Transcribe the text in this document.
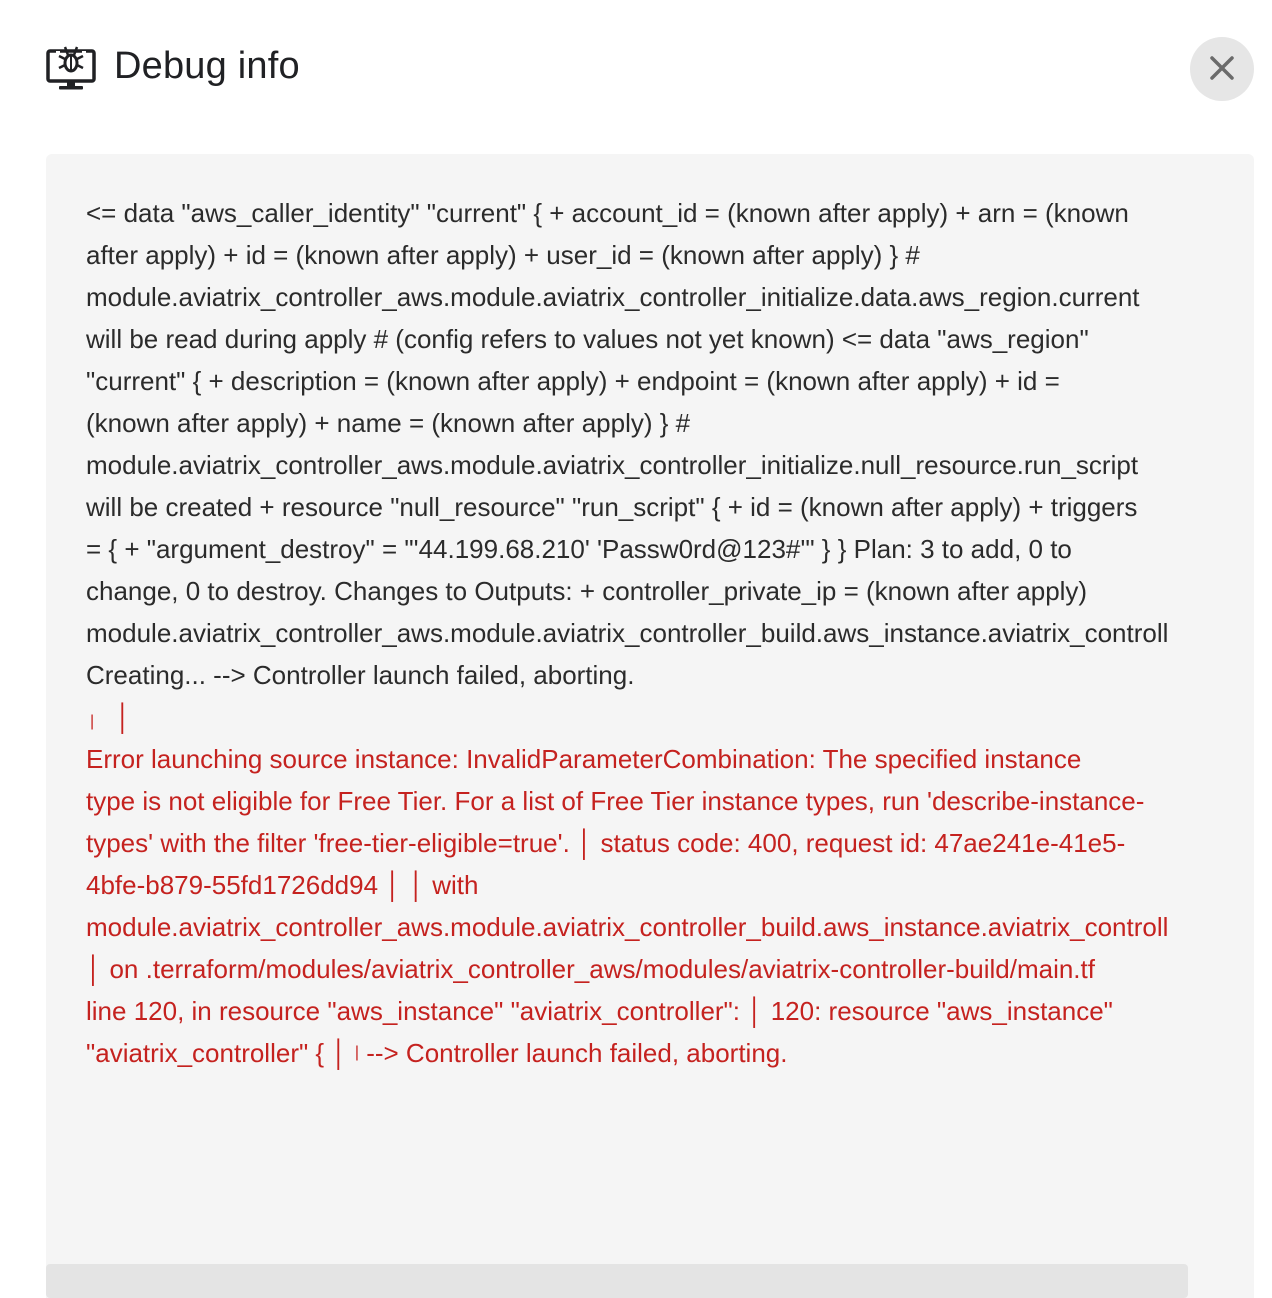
Debug info
<= data "aws_caller_identity" "current" { + account_id = (known after apply) + arn = (known
after apply) + id = (known after apply) + user_id = (known after apply) } #
module.aviatrix_controller_aws.module.aviatrix_controller_initialize.data.aws_region.current
will be read during apply # (config refers to values not yet known) <= data "aws_region"
"current" { + description = (known after apply) + endpoint = (known after apply) + id =
(known after apply) + name = (known after apply) } #
module.aviatrix_controller_aws.module.aviatrix_controller_initialize.null_resource.run_script
will be created + resource "null_resource" "run_script" { + id = (known after apply) + triggers
= { + "argument_destroy" = "'44.199.68.210' 'Passw0rd@123#'" } } Plan: 3 to add, 0 to
change, 0 to destroy. Changes to Outputs: + controller_private_ip = (known after apply)
module.aviatrix_controller_aws.module.aviatrix_controller_build.aws_instance.aviatrix_controll
Creating... --> Controller launch failed, aborting.
| │
Error launching source instance: InvalidParameterCombination: The specified instance
type is not eligible for Free Tier. For a list of Free Tier instance types, run 'describe-instance-
types' with the filter 'free-tier-eligible=true'. │ status code: 400, request id: 47ae241e-41e5-
4bfe-b879-55fd1726dd94 │ │ with
module.aviatrix_controller_aws.module.aviatrix_controller_build.aws_instance.aviatrix_controll
│ on .terraform/modules/aviatrix_controller_aws/modules/aviatrix-controller-build/main.tf
line 120, in resource "aws_instance" "aviatrix_controller": │ 120: resource "aws_instance"
"aviatrix_controller" { │ | --> Controller launch failed, aborting.
